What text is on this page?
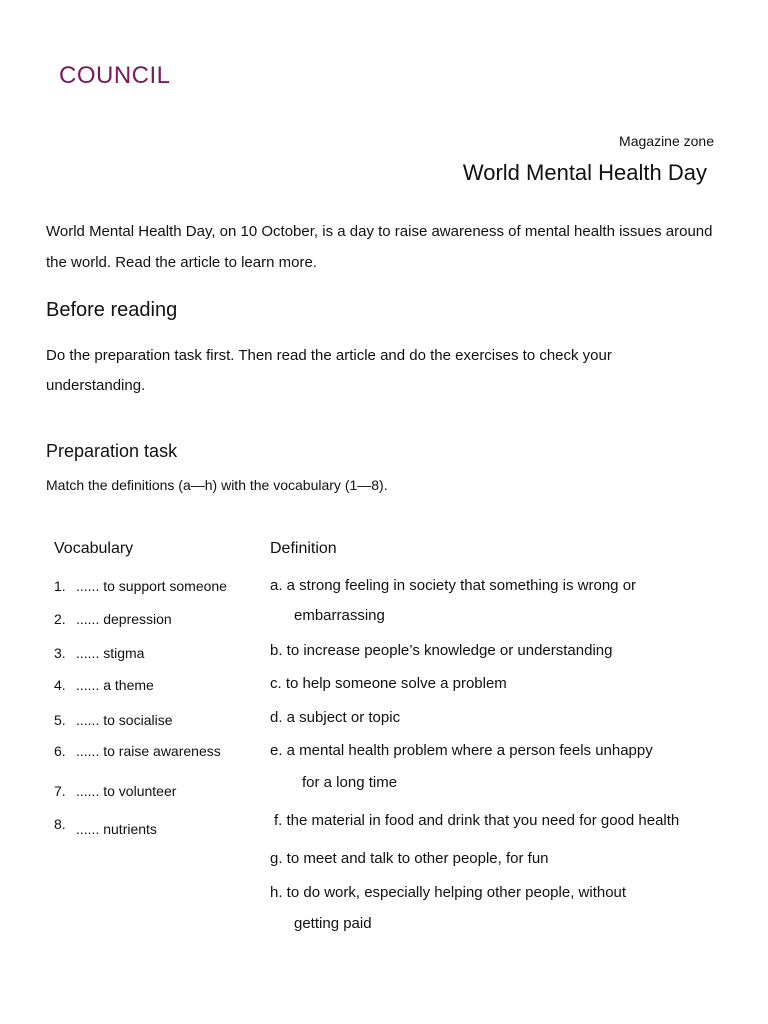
COUNCIL
Magazine zone
World Mental Health Day
World Mental Health Day, on 10 October, is a day to raise awareness of mental health issues around
the world. Read the article to learn more.
Before reading
Do the preparation task first. Then read the article and do the exercises to check your
understanding.
Preparation task
Match the definitions (a—h) with the vocabulary (1—8).
Vocabulary	Definition
1. ...... to support someone
2. ...... depression
3. ...... stigma
4. ...... a theme
5. ...... to socialise
6. ...... to raise awareness
7. ...... to volunteer
8. ...... nutrients
a. a strong feeling in society that something is wrong or
embarrassing
b. to increase people’s knowledge or understanding
c. to help someone solve a problem
d. a subject or topic
e. a mental health problem where a person feels unhappy
for a long time
f. the material in food and drink that you need for good health
g. to meet and talk to other people, for fun
h. to do work, especially helping other people, without
getting paid
